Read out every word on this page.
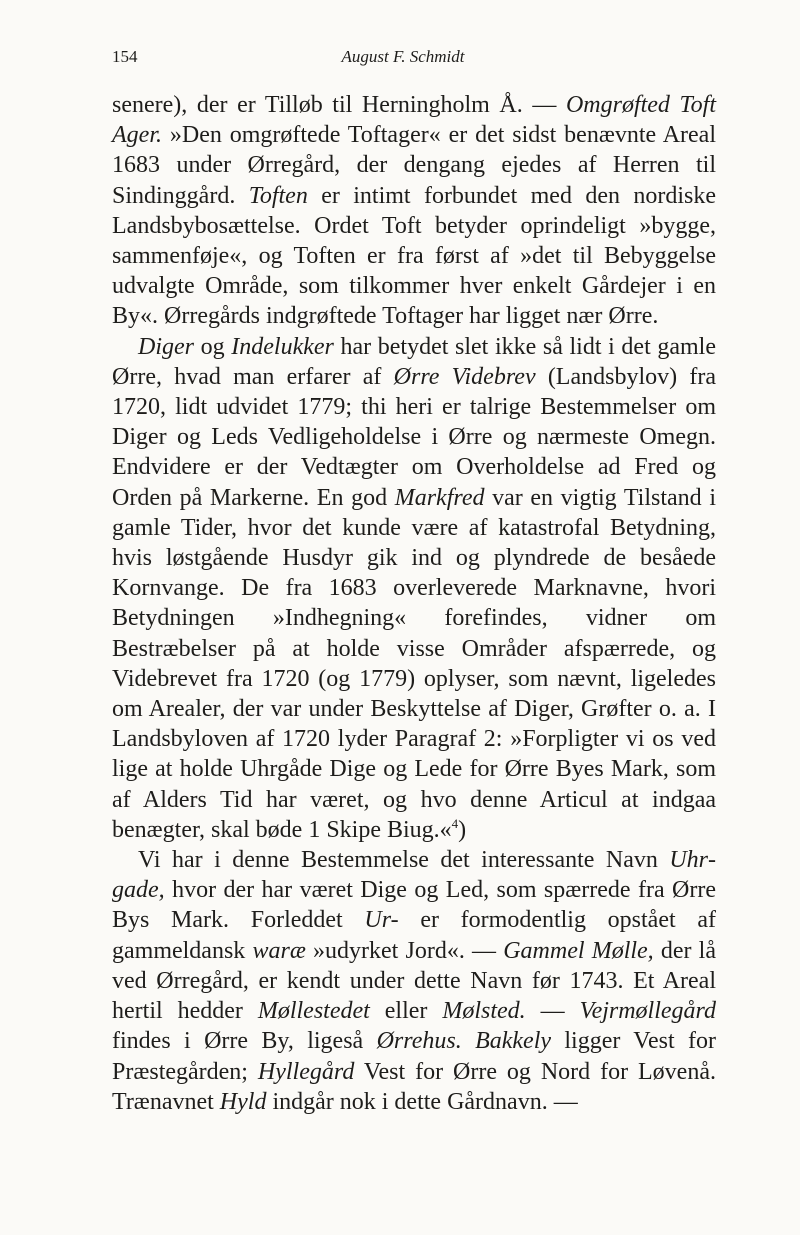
154	August F. Schmidt

senere), der er Tilløb til Herningholm Å. — Omgrøfted Toft Ager. »Den omgrøftede Toftager« er det sidst benævnte Areal 1683 under Ørregård, der dengang ejedes af Herren til Sindinggård. Toften er intimt forbundet med den nordiske Landsbybosættelse. Ordet Toft betyder oprindeligt »bygge, sammenføje«, og Toften er fra først af »det til Bebyggelse udvalgte Område, som tilkommer hver enkelt Gårdejer i en By«. Ørregårds indgrøftede Toftager har ligget nær Ørre.

Diger og Indelukker har betydet slet ikke så lidt i det gamle Ørre, hvad man erfarer af Ørre Videbrev (Landsbylov) fra 1720, lidt udvidet 1779; thi heri er talrige Bestemmelser om Diger og Leds Vedligeholdelse i Ørre og nærmeste Omegn. Endvidere er der Vedtægter om Overholdelse ad Fred og Orden på Markerne. En god Markfred var en vigtig Tilstand i gamle Tider, hvor det kunde være af katastrofal Betydning, hvis løstgående Husdyr gik ind og plyndrede de besåede Kornvange. De fra 1683 overleverede Marknavne, hvori Betydningen »Indhegning« forefindes, vidner om Bestræbelser på at holde visse Områder afspærrede, og Videbrevet fra 1720 (og 1779) oplyser, som nævnt, ligeledes om Arealer, der var under Beskyttelse af Diger, Grøfter o. a. I Landsbyloven af 1720 lyder Paragraf 2: »Forpligter vi os ved lige at holde Uhrgåde Dige og Lede for Ørre Byes Mark, som af Alders Tid har været, og hvo denne Articul at indgaa benægter, skal bøde 1 Skipe Biug.«$^4$)

Vi har i denne Bestemmelse det interessante Navn Uhrgade, hvor der har været Dige og Led, som spærrede fra Ørre Bys Mark. Forleddet Ur- er formodentlig opstået af gammeldansk waræ »udyrket Jord«. — Gammel Mølle, der lå ved Ørregård, er kendt under dette Navn før 1743. Et Areal hertil hedder Møllestedet eller Mølsted. — Vejrmøllegård findes i Ørre By, ligeså Ørrehus. Bakkely ligger Vest for Præstegården; Hyllegård Vest for Ørre og Nord for Løvenå. Trænavnet Hyld indgår nok i dette Gårdnavn. —
